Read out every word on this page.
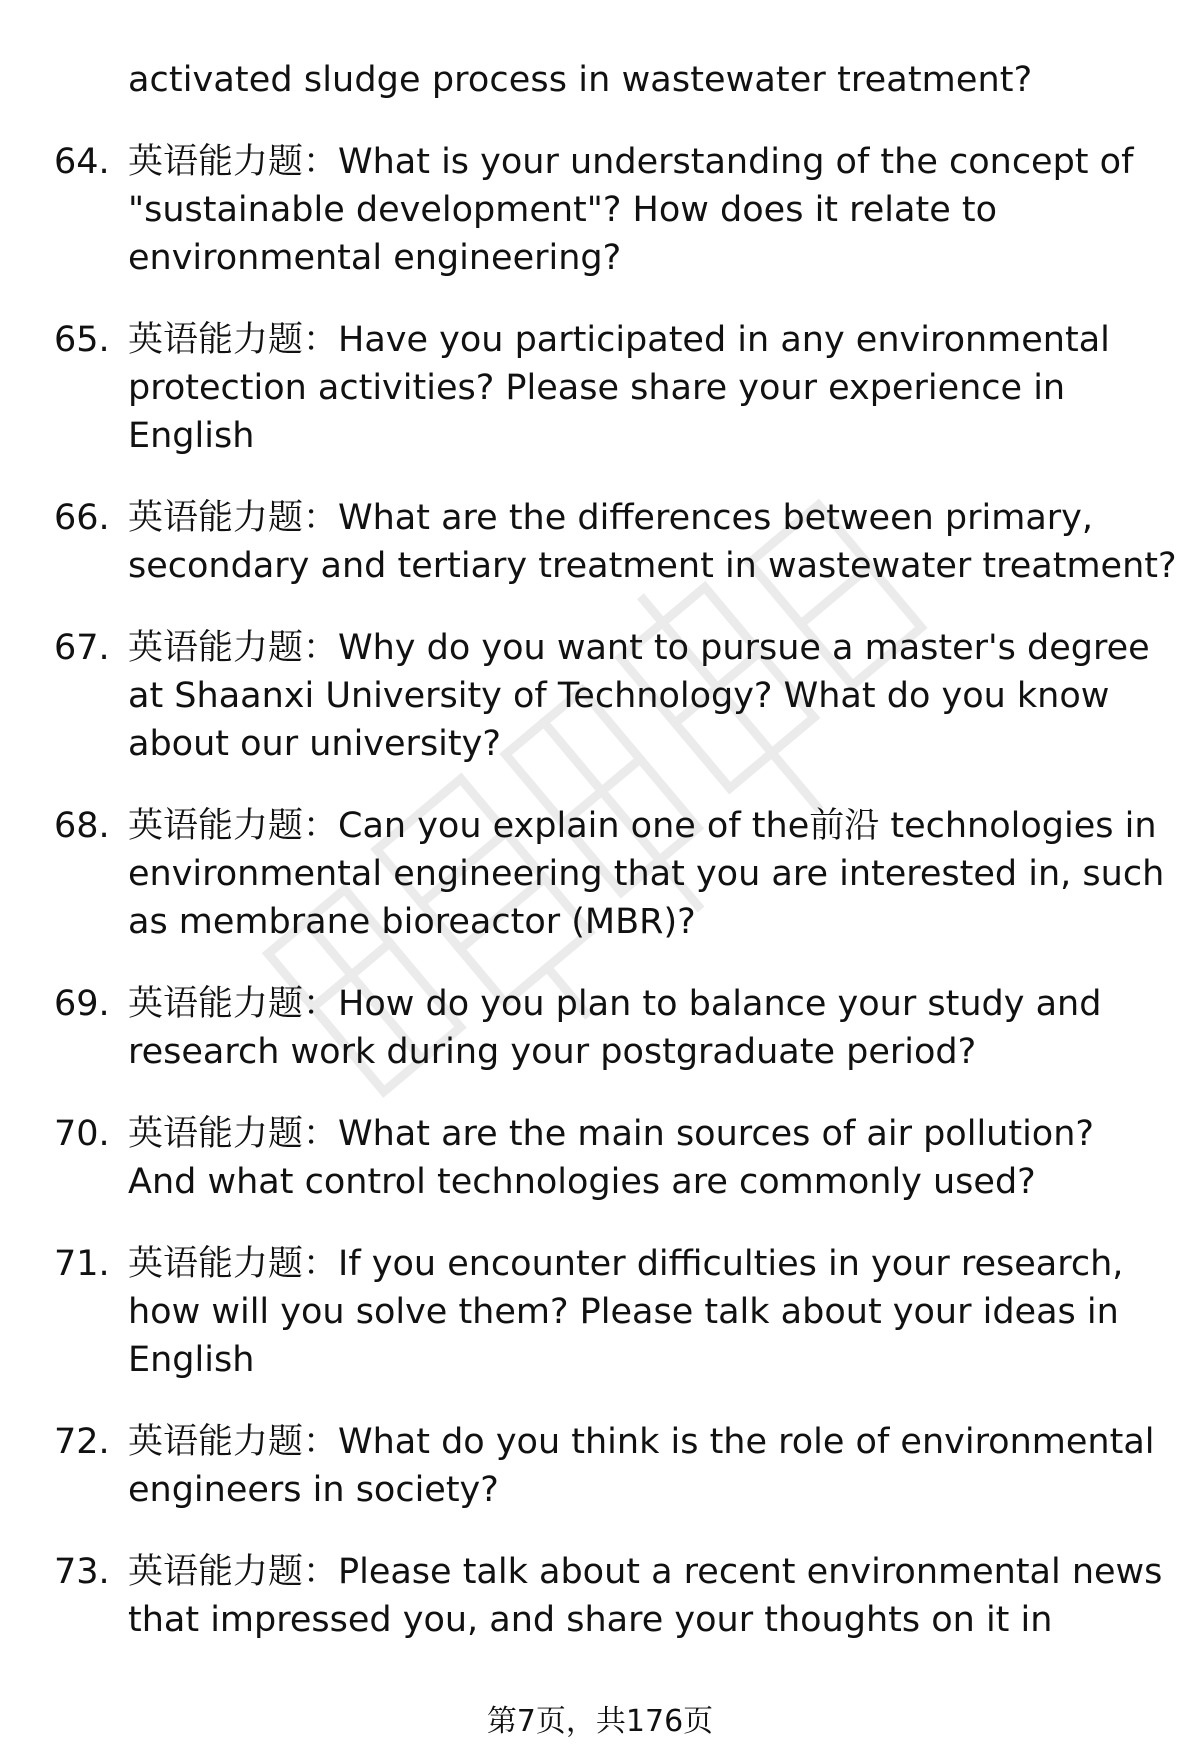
activated sludge process in wastewater treatment?
64. 英语能力题：What is your understanding of the concept of
"sustainable development"? How does it relate to
environmental engineering?
65. 英语能力题：Have you participated in any environmental
protection activities? Please share your experience in
English
66. 英语能力题：What are the differences between primary,
secondary and tertiary treatment in wastewater treatment?
67. 英语能力题：Why do you want to pursue a master's degree
at Shaanxi University of Technology? What do you know
about our university?
68. 英语能力题：Can you explain one of the前沿 technologies in
environmental engineering that you are interested in, such
as membrane bioreactor (MBR)?
69. 英语能力题：How do you plan to balance your study and
research work during your postgraduate period?
70. 英语能力题：What are the main sources of air pollution?
And what control technologies are commonly used?
71. 英语能力题：If you encounter difficulties in your research,
how will you solve them? Please talk about your ideas in
English
72. 英语能力题：What do you think is the role of environmental
engineers in society?
73. 英语能力题：Please talk about a recent environmental news
that impressed you, and share your thoughts on it in
第7页，共176页
